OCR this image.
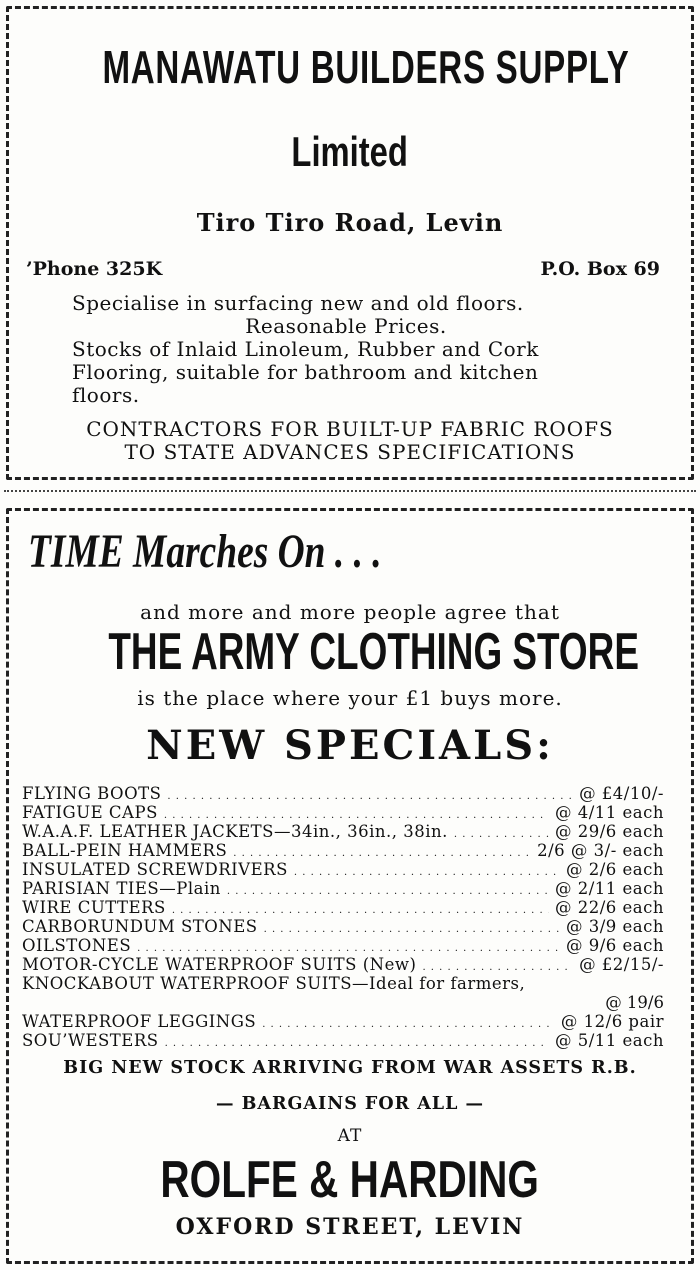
MANAWATU BUILDERS SUPPLY
Limited
Tiro Tiro Road, Levin
’Phone 325K	P.O. Box 69
Specialise in surfacing new and old floors.
Reasonable Prices.
Stocks of Inlaid Linoleum, Rubber and Cork
Flooring, suitable for bathroom and kitchen
floors.
CONTRACTORS FOR BUILT-UP FABRIC ROOFS
TO STATE ADVANCES SPECIFICATIONS
TIME Marches On . . .
and more and more people agree that
THE ARMY CLOTHING STORE
is the place where your £1 buys more.
NEW SPECIALS:
FLYING BOOTS . . .	@ £4/10/-
FATIGUE CAPS . . .	@ 4/11 each
W.A.A.F. LEATHER JACKETS—34in., 36in., 38in. . . .	@ 29/6 each
BALL-PEIN HAMMERS . . .	2/6 @ 3/- each
INSULATED SCREWDRIVERS . . .	@ 2/6 each
PARISIAN TIES—Plain . . .	@ 2/11 each
WIRE CUTTERS . . .	@ 22/6 each
CARBORUNDUM STONES . . .	@ 3/9 each
OILSTONES . . .	@ 9/6 each
MOTOR-CYCLE WATERPROOF SUITS (New) . . .	@ £2/15/-
KNOCKABOUT WATERPROOF SUITS—Ideal for farmers,
@ 19/6
WATERPROOF LEGGINGS . . .	@ 12/6 pair
SOU’WESTERS . . .	@ 5/11 each
BIG NEW STOCK ARRIVING FROM WAR ASSETS R.B.
— BARGAINS FOR ALL —
AT
ROLFE & HARDING
OXFORD STREET, LEVIN
